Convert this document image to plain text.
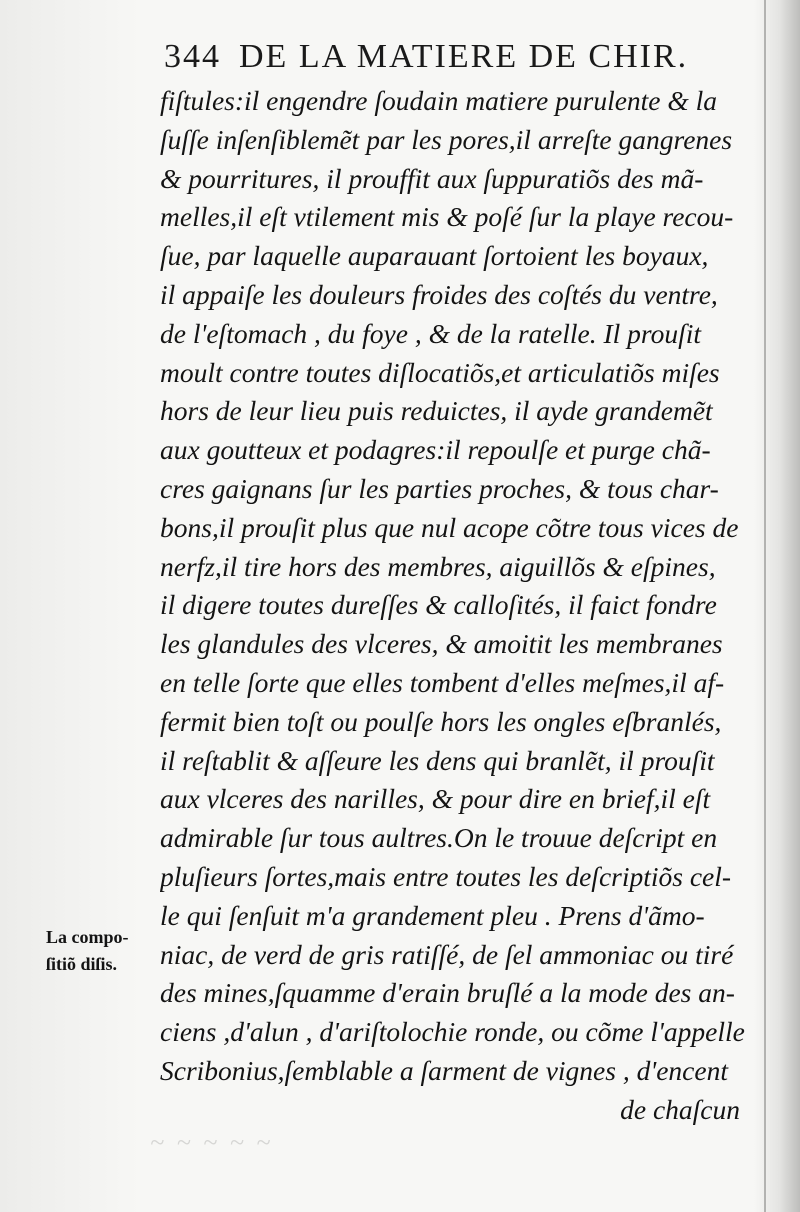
344 DE LA MATIERE DE CHIR.
fiſtules:il engendre ſoudain matiere purulente & la
ſuſſe inſenſiblemẽt par les pores,il arreſte gangrenes
& pourritures, il prouffit aux ſuppuratiõs des mã-
melles,il eſt vtilement mis & poſé ſur la playe recou-
ſue, par laquelle auparauant ſortoient les boyaux,
il appaiſe les douleurs froides des coſtés du ventre,
de l'eſtomach , du foye , & de la ratelle. Il prouſit
moult contre toutes diſlocatiõs,et articulatiõs miſes
hors de leur lieu puis reduictes, il ayde grandemẽt
aux goutteux et podagres:il repoulſe et purge chã-
cres gaignans ſur les parties proches, & tous char-
bons,il prouſit plus que nul acope cõtre tous vices de
nerfz,il tire hors des membres, aiguillõs & eſpines,
il digere toutes dureſſes & calloſités, il faict fondre
les glandules des vlceres, & amoitit les membranes
en telle ſorte que elles tombent d'elles meſmes,il af-
fermit bien toſt ou poulſe hors les ongles eſbranlés,
il reſtablit & aſſeure les dens qui branlẽt, il prouſit
aux vlceres des narilles, & pour dire en brief,il eſt
admirable ſur tous aultres.On le trouue deſcript en
pluſieurs ſortes,mais entre toutes les deſcriptiõs cel-
le qui ſenſuit m'a grandement pleu . Prens d'ãmo-
niac, de verd de gris ratiſſé, de ſel ammoniac ou tiré
des mines,ſquamme d'erain bruſlé a la mode des an-
ciens ,d'alun , d'ariſtolochie ronde, ou cõme l'appelle
Scribonius,ſemblable a ſarment de vignes , d'encent
de chaſcun
La compo-
ſitiõ diſis.
~ ~ ~ ~ ~
